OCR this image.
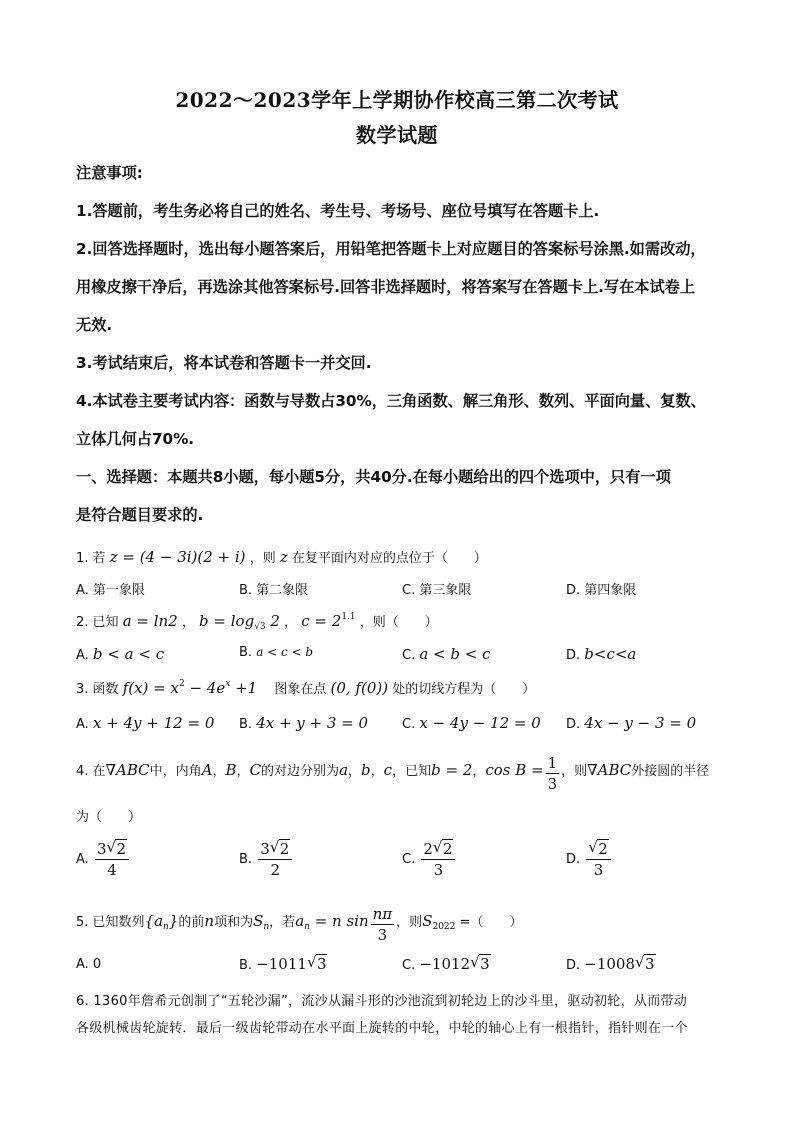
2022～2023学年上学期协作校高三第二次考试
数学试题
注意事项:
1.答题前，考生务必将自己的姓名、考生号、考场号、座位号填写在答题卡上.
2.回答选择题时，选出每小题答案后，用铅笔把答题卡上对应题目的答案标号涂黑.如需改动，
用橡皮擦干净后，再选涂其他答案标号.回答非选择题时，将答案写在答题卡上.写在本试卷上
无效.
3.考试结束后，将本试卷和答题卡一并交回.
4.本试卷主要考试内容：函数与导数占30%，三角函数、解三角形、数列、平面向量、复数、
立体几何占70%.
一、选择题：本题共8小题，每小题5分，共40分.在每小题给出的四个选项中，只有一项
是符合题目要求的.
1. 若 z = (4 − 3i)(2 + i) ，则 z 在复平面内对应的点位于（　　）
A. 第一象限	B. 第二象限	C. 第三象限	D. 第四象限
2. 已知 a = ln2 ， $b = \log_{√3} 2$ ， $c = 2^{1.1}$ ，则（　　）
A. b < a < c	B. a < c < b	C. a < b < c	D. b<c<a
3. 函数 $f(x) = x^2 - 4e^x +1$ 　图象在点 (0, f(0)) 处的切线方程为（　　）
A. x + 4y + 12 = 0 B. 4x + y + 3 = 0	C. x − 4y − 12 = 0 D. 4x − y − 3 = 0
4. 在∇ABC中，内角A，B，C的对边分别为a，b，c，已知b = 2，$\cos B = \frac{1}{3}$ ，则∇ABC外接圆的半径
为（　　）
A. $\frac{3 √ 2}{4}$	B. $\frac{3 √ 2}{2}$	C. $\frac{2 √ 2}{3}$	D. √ $\frac{2}{3}$
5. 已知数列$\{a_n\}$的前n项和为$S_n$，若$a_n = n$ $\sin \frac{n\pi}{3}$ ，则$S_{2022}$ =（　　）
A. 0	B. −1011 √ 3	C. −1012 √ 3	D. −1008 √ 3
6. 1360年詹希元创制了“五轮沙漏”，流沙从漏斗形的沙池流到初轮边上的沙斗里，驱动初轮，从而带动
各级机械齿轮旋转．最后一级齿轮带动在水平面上旋转的中轮，中轮的轴心上有一根指针，指针则在一个
